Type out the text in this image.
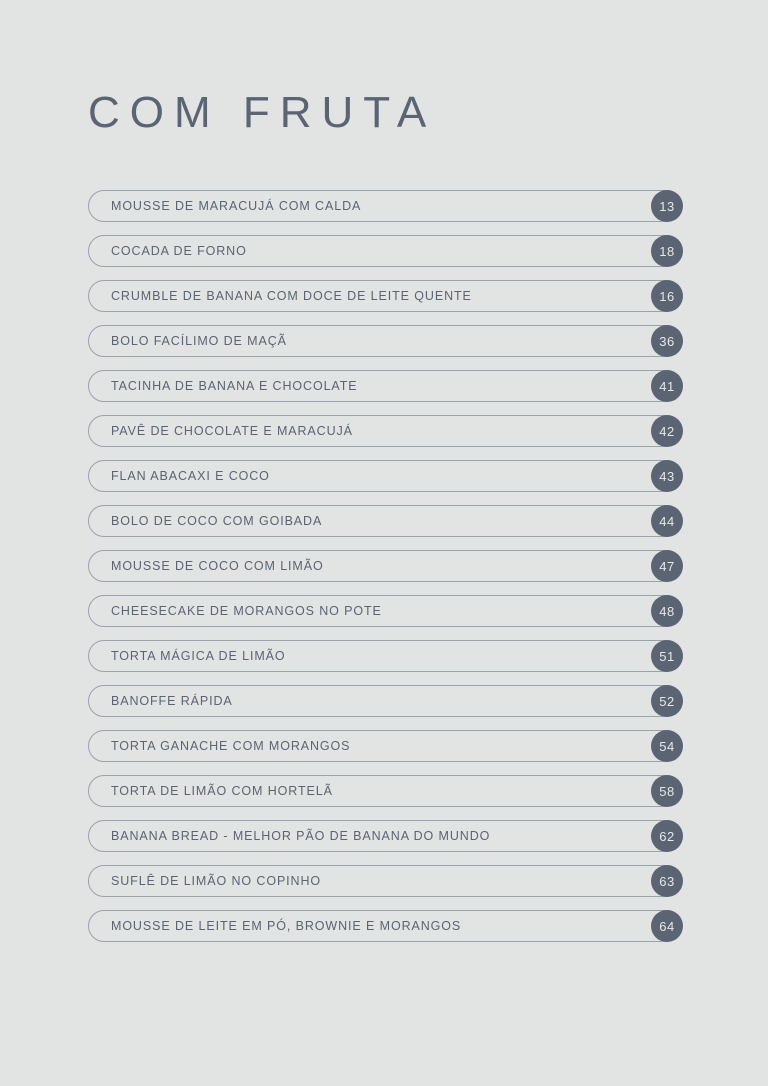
COM FRUTA
MOUSSE DE MARACUJÁ COM CALDA	13
COCADA DE FORNO	18
CRUMBLE DE BANANA COM DOCE DE LEITE QUENTE	16
BOLO FACÍLIMO DE MAÇÃ	36
TACINHA DE BANANA E CHOCOLATE	41
PAVÊ DE CHOCOLATE E MARACUJÁ	42
FLAN ABACAXI E COCO	43
BOLO DE COCO COM GOIBADA	44
MOUSSE DE COCO COM LIMÃO	47
CHEESECAKE DE MORANGOS NO POTE	48
TORTA MÁGICA DE LIMÃO	51
BANOFFE RÁPIDA	52
TORTA GANACHE COM MORANGOS	54
TORTA DE LIMÃO COM HORTELÃ	58
BANANA BREAD - MELHOR PÃO DE BANANA DO MUNDO	62
SUFLÊ DE LIMÃO NO COPINHO	63
MOUSSE DE LEITE EM PÓ, BROWNIE E MORANGOS	64
